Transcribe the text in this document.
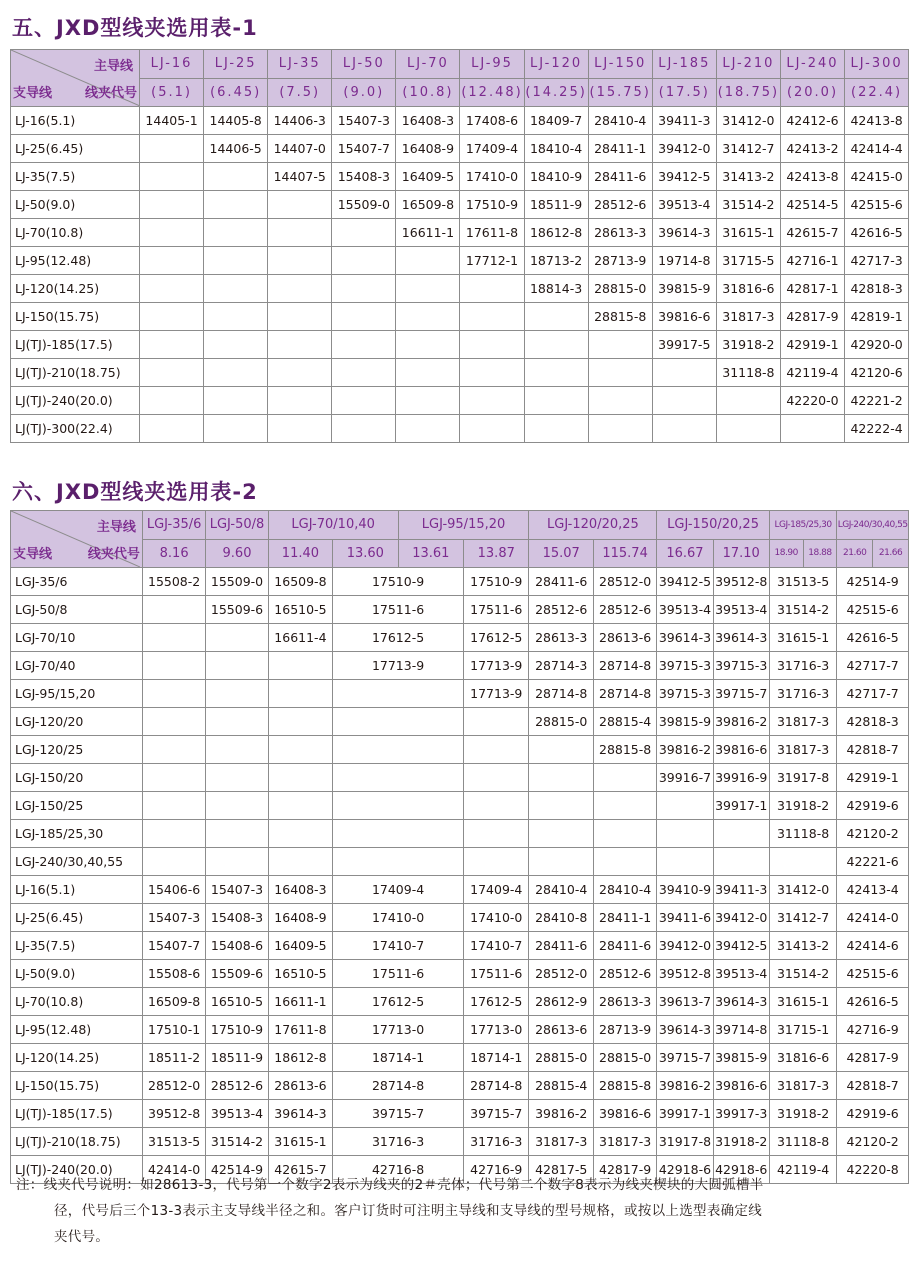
五、JXD型线夹选用表-1
主导线
支导线 线夹代号	LJ-16	LJ-25	LJ-35	LJ-50	LJ-70	LJ-95	LJ-120	LJ-150	LJ-185	LJ-210	LJ-240	LJ-300
	(5.1)	(6.45)	(7.5)	(9.0)	(10.8)	(12.48)	(14.25)	(15.75)	(17.5)	(18.75)	(20.0)	(22.4)
LJ-16(5.1)	14405-1	14405-8	14406-3	15407-3	16408-3	17408-6	18409-7	28410-4	39411-3	31412-0	42412-6	42413-8
LJ-25(6.45)		14406-5	14407-0	15407-7	16408-9	17409-4	18410-4	28411-1	39412-0	31412-7	42413-2	42414-4
LJ-35(7.5)			14407-5	15408-3	16409-5	17410-0	18410-9	28411-6	39412-5	31413-2	42413-8	42415-0
LJ-50(9.0)				15509-0	16509-8	17510-9	18511-9	28512-6	39513-4	31514-2	42514-5	42515-6
LJ-70(10.8)					16611-1	17611-8	18612-8	28613-3	39614-3	31615-1	42615-7	42616-5
LJ-95(12.48)						17712-1	18713-2	28713-9	19714-8	31715-5	42716-1	42717-3
LJ-120(14.25)							18814-3	28815-0	39815-9	31816-6	42817-1	42818-3
LJ-150(15.75)								28815-8	39816-6	31817-3	42817-9	42819-1
LJ(TJ)-185(17.5)									39917-5	31918-2	42919-1	42920-0
LJ(TJ)-210(18.75)										31118-8	42119-4	42120-6
LJ(TJ)-240(20.0)											42220-0	42221-2
LJ(TJ)-300(22.4)												42222-4
六、JXD型线夹选用表-2
主导线
支导线 线夹代号	LGJ-35/6	LGJ-50/8	LGJ-70/10,40		LGJ-95/15,20		LGJ-120/20,25		LGJ-150/20,25		LGJ-185/25,30		LGJ-240/30,40,55	
	8.16	9.60	11.40	13.60	13.61	13.87	15.07	115.74	16.67	17.10	18.90	18.88	21.60	21.66
LGJ-35/6	15508-2	15509-0	16509-8	17510-9		17510-9	28411-6	28512-0	39412-5	39512-8	31513-5		42514-9	
LGJ-50/8		15509-6	16510-5	17511-6		17511-6	28512-6	28512-6	39513-4	39513-4	31514-2		42515-6	
LGJ-70/10			16611-4	17612-5		17612-5	28613-3	28613-6	39614-3	39614-3	31615-1		42616-5	
LGJ-70/40				17713-9		17713-9	28714-3	28714-8	39715-3	39715-3	31716-3		42717-7	
LGJ-95/15,20						17713-9	28714-8	28714-8	39715-3	39715-7	31716-3		42717-7	
LGJ-120/20							28815-0	28815-4	39815-9	39816-2	31817-3		42818-3	
LGJ-120/25								28815-8	39816-2	39816-6	31817-3		42818-7	
LGJ-150/20									39916-7	39916-9	31917-8		42919-1	
LGJ-150/25										39917-1	31918-2		42919-6	
LGJ-185/25,30											31118-8		42120-2	
LGJ-240/30,40,55													42221-6	
LJ-16(5.1)	15406-6	15407-3	16408-3	17409-4		17409-4	28410-4	28410-4	39410-9	39411-3	31412-0		42413-4	
LJ-25(6.45)	15407-3	15408-3	16408-9	17410-0		17410-0	28410-8	28411-1	39411-6	39412-0	31412-7		42414-0	
LJ-35(7.5)	15407-7	15408-6	16409-5	17410-7		17410-7	28411-6	28411-6	39412-0	39412-5	31413-2		42414-6	
LJ-50(9.0)	15508-6	15509-6	16510-5	17511-6		17511-6	28512-0	28512-6	39512-8	39513-4	31514-2		42515-6	
LJ-70(10.8)	16509-8	16510-5	16611-1	17612-5		17612-5	28612-9	28613-3	39613-7	39614-3	31615-1		42616-5	
LJ-95(12.48)	17510-1	17510-9	17611-8	17713-0		17713-0	28613-6	28713-9	39614-3	39714-8	31715-1		42716-9	
LJ-120(14.25)	18511-2	18511-9	18612-8	18714-1		18714-1	28815-0	28815-0	39715-7	39815-9	31816-6		42817-9	
LJ-150(15.75)	28512-0	28512-6	28613-6	28714-8		28714-8	28815-4	28815-8	39816-2	39816-6	31817-3		42818-7	
LJ(TJ)-185(17.5)	39512-8	39513-4	39614-3	39715-7		39715-7	39816-2	39816-6	39917-1	39917-3	31918-2		42919-6	
LJ(TJ)-210(18.75)	31513-5	31514-2	31615-1	31716-3		31716-3	31817-3	31817-3	31917-8	31918-2	31118-8		42120-2	
LJ(TJ)-240(20.0)	42414-0	42514-9	42615-7	42716-8		42716-9	42817-5	42817-9	42918-6	42918-6	42119-4		42220-8	
注：线夹代号说明：如28613-3，代号第一个数字2表示为线夹的2＃壳体；代号第二个数字8表示为线夹楔块的大圆弧槽半
径，代号后三个13-3表示主支导线半径之和。客户订货时可注明主导线和支导线的型号规格，或按以上选型表确定线
夹代号。
